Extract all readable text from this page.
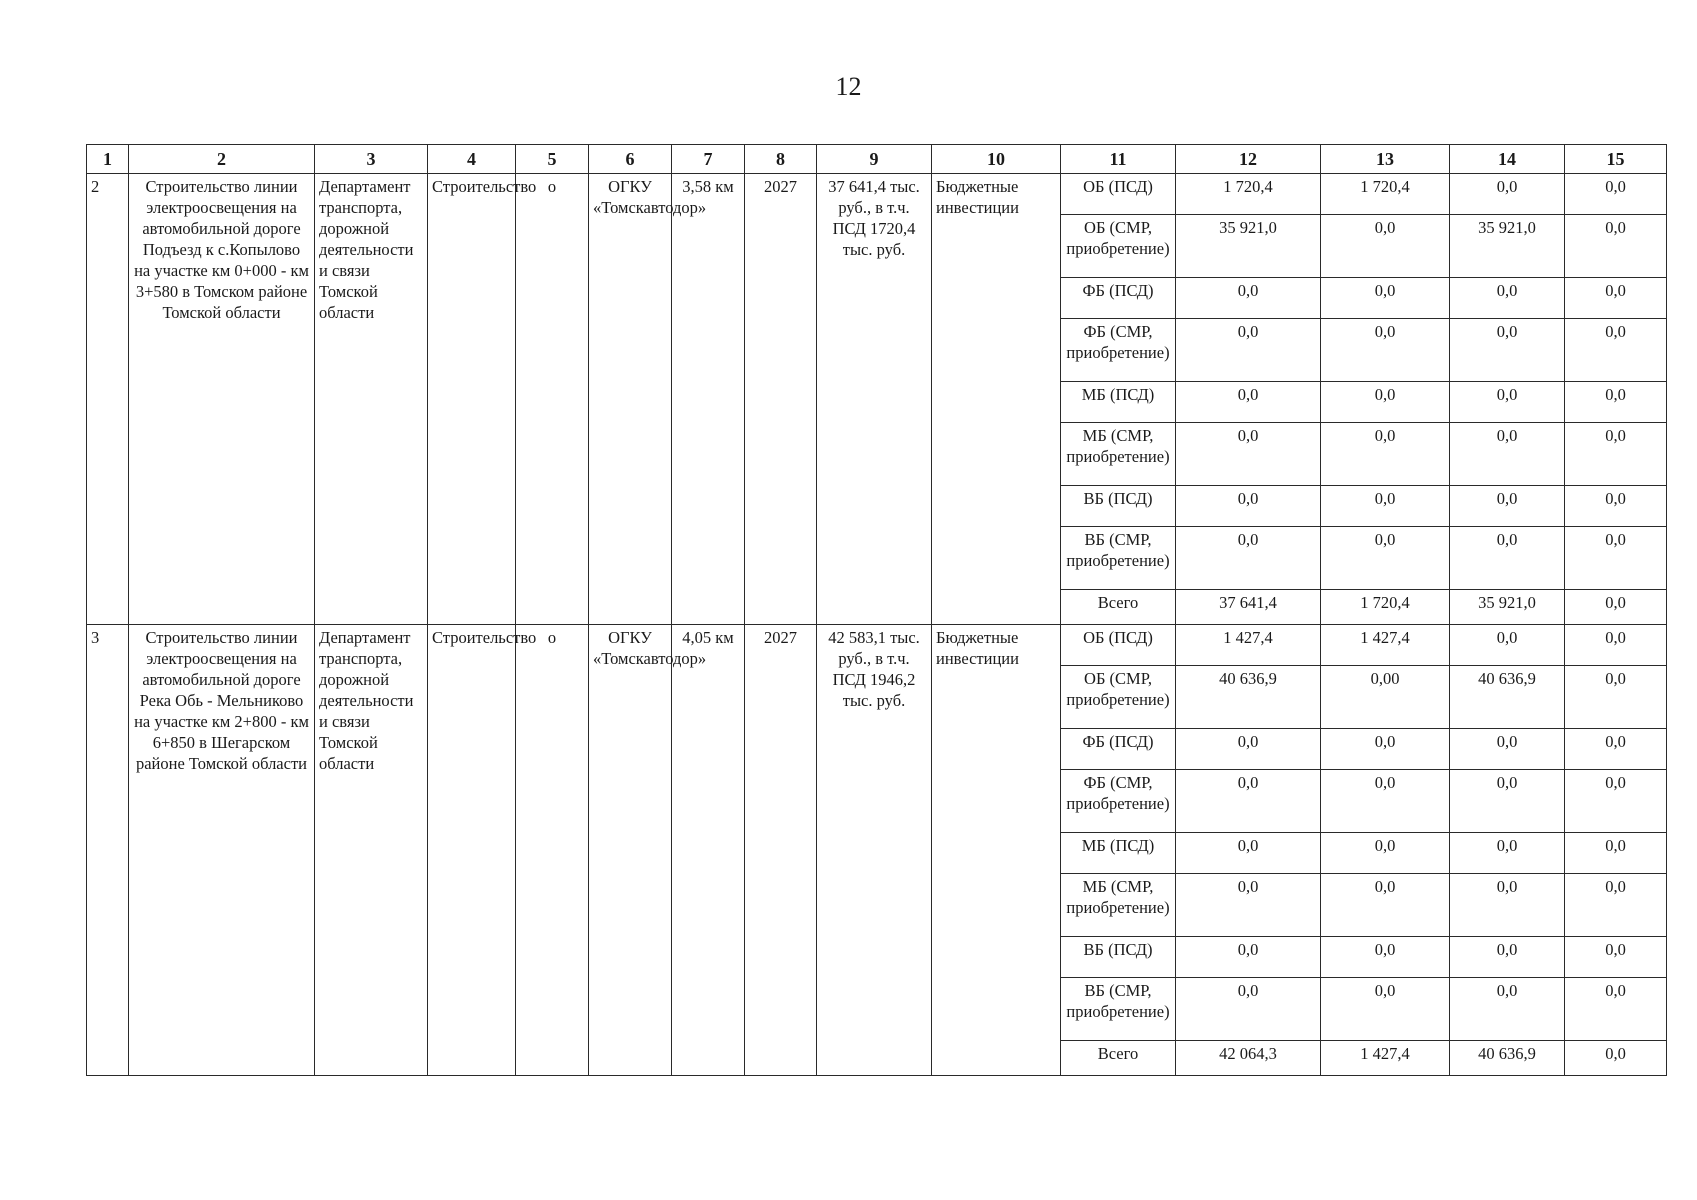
12
1	2	3	4	5	6	7	8	9	10	11	12	13	14	15
2	Строительство линии электроосвещения на автомобильной дороге Подъезд к с.Копылово на участке км 0+000 - км 3+580 в Томском районе Томской области	Департамент транспорта, дорожной деятельности и связи Томской области	Строительство	о	ОГКУ «Томскавтодор»	3,58 км	2027	37 641,4 тыс. руб., в т.ч. ПСД 1720,4 тыс. руб.	Бюджетные инвестиции	ОБ (ПСД)	1 720,4	1 720,4	0,0	0,0
										ОБ (СМР, приобретение)	35 921,0	0,0	35 921,0	0,0
										ФБ (ПСД)	0,0	0,0	0,0	0,0
										ФБ (СМР, приобретение)	0,0	0,0	0,0	0,0
										МБ (ПСД)	0,0	0,0	0,0	0,0
										МБ (СМР, приобретение)	0,0	0,0	0,0	0,0
										ВБ (ПСД)	0,0	0,0	0,0	0,0
										ВБ (СМР, приобретение)	0,0	0,0	0,0	0,0
										Всего	37 641,4	1 720,4	35 921,0	0,0
3	Строительство линии электроосвещения на автомобильной дороге Река Обь - Мельниково на участке км 2+800 - км 6+850 в Шегарском районе Томской области	Департамент транспорта, дорожной деятельности и связи Томской области	Строительство	о	ОГКУ «Томскавтодор»	4,05 км	2027	42 583,1 тыс. руб., в т.ч. ПСД 1946,2 тыс. руб.	Бюджетные инвестиции	ОБ (ПСД)	1 427,4	1 427,4	0,0	0,0
										ОБ (СМР, приобретение)	40 636,9	0,00	40 636,9	0,0
										ФБ (ПСД)	0,0	0,0	0,0	0,0
										ФБ (СМР, приобретение)	0,0	0,0	0,0	0,0
										МБ (ПСД)	0,0	0,0	0,0	0,0
										МБ (СМР, приобретение)	0,0	0,0	0,0	0,0
										ВБ (ПСД)	0,0	0,0	0,0	0,0
										ВБ (СМР, приобретение)	0,0	0,0	0,0	0,0
										Всего	42 064,3	1 427,4	40 636,9	0,0
